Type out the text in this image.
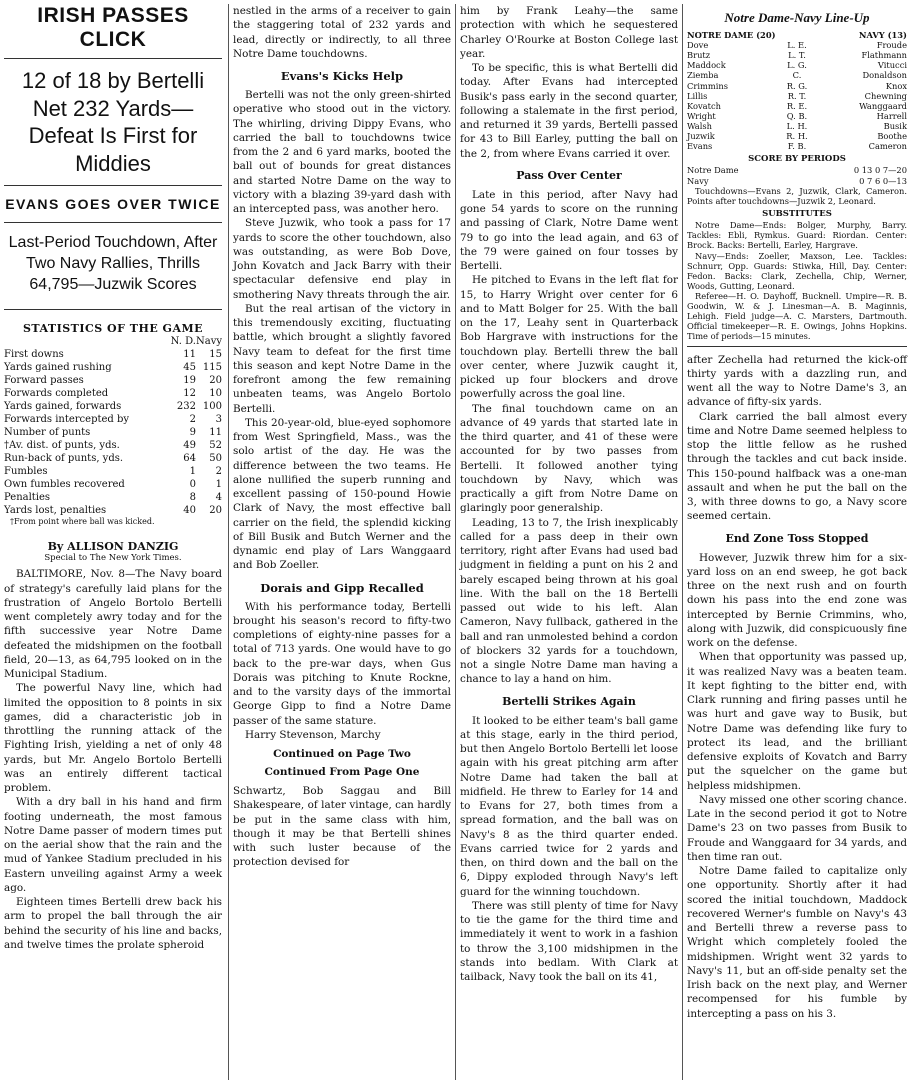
IRISH PASSES CLICK
12 of 18 by Bertelli Net 232 Yards—Defeat Is First for Middies
EVANS GOES OVER TWICE
Last-Period Touchdown, After Two Navy Rallies, Thrills 64,795—Juzwik Scores
STATISTICS OF THE GAME
	N. D.	Navy
First downs	11	15
Yards gained rushing	45	115
Forward passes	19	20
Forwards completed	12	10
Yards gained, forwards	232	100
Forwards intercepted by	2	3
Number of punts	9	11
†Av. dist. of punts, yds.	49	52
Run-back of punts, yds.	64	50
Fumbles	1	2
Own fumbles recovered	0	1
Penalties	8	4
Yards lost, penalties	40	20
†From point where ball was kicked.
By ALLISON DANZIG
Special to The New York Times.

BALTIMORE, Nov. 8—The Navy board of strategy's carefully laid plans for the frustration of Angelo Bortolo Bertelli went completely awry today and for the fifth successive year Notre Dame defeated the midshipmen on the football field, 20—13, as 64,795 looked on in the Municipal Stadium.

The powerful Navy line, which had limited the opposition to 8 points in six games, did a characteristic job in throttling the running attack of the Fighting Irish, yielding a net of only 48 yards, but Mr. Angelo Bortolo Bertelli was an entirely different tactical problem.

With a dry ball in his hand and firm footing underneath, the most famous Notre Dame passer of modern times put on the aerial show that the rain and the mud of Yankee Stadium precluded in his Eastern unveiling against Army a week ago.

Eighteen times Bertelli drew back his arm to propel the ball through the air behind the security of his line and backs, and twelve times the prolate spheroid

nestled in the arms of a receiver to gain the staggering total of 232 yards and lead, directly or indirectly, to all three Notre Dame touchdowns.

Evans's Kicks Help

Bertelli was not the only green-shirted operative who stood out in the victory. The whirling, driving Dippy Evans, who carried the ball to touchdowns twice from the 2 and 6 yard marks, booted the ball out of bounds for great distances and started Notre Dame on the way to victory with a blazing 39-yard dash with an intercepted pass, was another hero.

Steve Juzwik, who took a pass for 17 yards to score the other touchdown, also was outstanding, as were Bob Dove, John Kovatch and Jack Barry with their spectacular defensive end play in smothering Navy threats through the air.

But the real artisan of the victory in this tremendously exciting, fluctuating battle, which brought a slightly favored Navy team to defeat for the first time this season and kept Notre Dame in the forefront among the few remaining unbeaten teams, was Angelo Bortolo Bertelli.

This 20-year-old, blue-eyed sophomore from West Springfield, Mass., was the solo artist of the day. He was the difference between the two teams. He alone nullified the superb running and excellent passing of 150-pound Howie Clark of Navy, the most effective ball carrier on the field, the splendid kicking of Bill Busik and Butch Werner and the dynamic end play of Lars Wanggaard and Bob Zoeller.

Dorais and Gipp Recalled

With his performance today, Bertelli brought his season's record to fifty-two completions of eighty-nine passes for a total of 713 yards. One would have to go back to the pre-war days, when Gus Dorais was pitching to Knute Rockne, and to the varsity days of the immortal George Gipp to find a Notre Dame passer of the same stature.

Harry Stevenson, Marchy

Continued on Page Two
Continued From Page One

Schwartz, Bob Saggau and Bill Shakespeare, of later vintage, can hardly be put in the same class with him, though it may be that Bertelli shines with such luster because of the protection devised for

him by Frank Leahy—the same protection with which he sequestered Charley O'Rourke at Boston College last year.

To be specific, this is what Bertelli did today. After Evans had intercepted Busik's pass early in the second quarter, following a stalemate in the first period, and returned it 39 yards, Bertelli passed for 43 to Bill Earley, putting the ball on the 2, from where Evans carried it over.

Pass Over Center

Late in this period, after Navy had gone 54 yards to score on the running and passing of Clark, Notre Dame went 79 to go into the lead again, and 63 of the 79 were gained on four tosses by Bertelli.

He pitched to Evans in the left flat for 15, to Harry Wright over center for 6 and to Matt Bolger for 25. With the ball on the 17, Leahy sent in Quarterback Bob Hargrave with instructions for the touchdown play. Bertelli threw the ball over center, where Juzwik caught it, picked up four blockers and drove powerfully across the goal line.

The final touchdown came on an advance of 49 yards that started late in the third quarter, and 41 of these were accounted for by two passes from Bertelli. It followed another tying touchdown by Navy, which was practically a gift from Notre Dame on glaringly poor generalship.

Leading, 13 to 7, the Irish inexplicably called for a pass deep in their own territory, right after Evans had used bad judgment in fielding a punt on his 2 and barely escaped being thrown at his goal line. With the ball on the 18 Bertelli passed out wide to his left. Alan Cameron, Navy fullback, gathered in the ball and ran unmolested behind a cordon of blockers 32 yards for a touchdown, not a single Notre Dame man having a chance to lay a hand on him.

Bertelli Strikes Again

It looked to be either team's ball game at this stage, early in the third period, but then Angelo Bortolo Bertelli let loose again with his great pitching arm after Notre Dame had taken the ball at midfield. He threw to Earley for 14 and to Evans for 27, both times from a spread formation, and the ball was on Navy's 8 as the third quarter ended. Evans carried twice for 2 yards and then, on third down and the ball on the 6, Dippy exploded through Navy's left guard for the winning touchdown.

There was still plenty of time for Navy to tie the game for the third time and immediately it went to work in a fashion to throw the 3,100 midshipmen in the stands into bedlam. With Clark at tailback, Navy took the ball on its 41,

Notre Dame-Navy Line-Up
NOTRE DAME (20)	NAVY (13)
Dove	L. E.	Froude
Brutz	L. T.	Flathmann
Maddock	L. G.	Vitucci
Ziemba	C.	Donaldson
Crimmins	R. G.	Knox
Lillis	R. T.	Chewning
Kovatch	R. E.	Wanggaard
Wright	Q. B.	Harrell
Walsh	L. H.	Busik
Juzwik	R. H.	Boothe
Evans	F. B.	Cameron
SCORE BY PERIODS
Notre Dame	0 13 0 7—20
Navy	0 7 6 0—13

Touchdowns—Evans 2, Juzwik, Clark, Cameron. Points after touchdowns—Juzwik 2, Leonard.

SUBSTITUTES

Notre Dame—Ends: Bolger, Murphy, Barry. Tackles: Ebli, Rymkus. Guard: Riordan. Center: Brock. Backs: Bertelli, Earley, Hargrave.

Navy—Ends: Zoeller, Maxson, Lee. Tackles: Schnurr, Opp. Guards: Stiwka, Hill, Day. Center: Fedon. Backs: Clark, Zechella, Chip, Werner, Woods, Gutting, Leonard.

Referee—H. O. Dayhoff, Bucknell. Umpire—R. B. Goodwin, W. & J. Linesman—A. B. Maginnis, Lehigh. Field judge—A. C. Marsters, Dartmouth. Official timekeeper—R. E. Owings, Johns Hopkins. Time of periods—15 minutes.

after Zechella had returned the kick-off thirty yards with a dazzling run, and went all the way to Notre Dame's 3, an advance of fifty-six yards.

Clark carried the ball almost every time and Notre Dame seemed helpless to stop the little fellow as he rushed through the tackles and cut back inside. This 150-pound halfback was a one-man assault and when he put the ball on the 3, with three downs to go, a Navy score seemed certain.

End Zone Toss Stopped

However, Juzwik threw him for a six-yard loss on an end sweep, he got back three on the next rush and on fourth down his pass into the end zone was intercepted by Bernie Crimmins, who, along with Juzwik, did conspicuously fine work on the defense.

When that opportunity was passed up, it was realized Navy was a beaten team. It kept fighting to the bitter end, with Clark running and firing passes until he was hurt and gave way to Busik, but Notre Dame was defending like fury to protect its lead, and the brilliant defensive exploits of Kovatch and Barry put the squelcher on the game but helpless midshipmen.

Navy missed one other scoring chance. Late in the second period it got to Notre Dame's 23 on two passes from Busik to Froude and Wanggaard for 34 yards, and then time ran out.

Notre Dame failed to capitalize only one opportunity. Shortly after it had scored the initial touchdown, Maddock recovered Werner's fumble on Navy's 43 and Bertelli threw a reverse pass to Wright which completely fooled the midshipmen. Wright went 32 yards to Navy's 11, but an off-side penalty set the Irish back on the next play, and Werner recompensed for his fumble by intercepting a pass on his 3.
